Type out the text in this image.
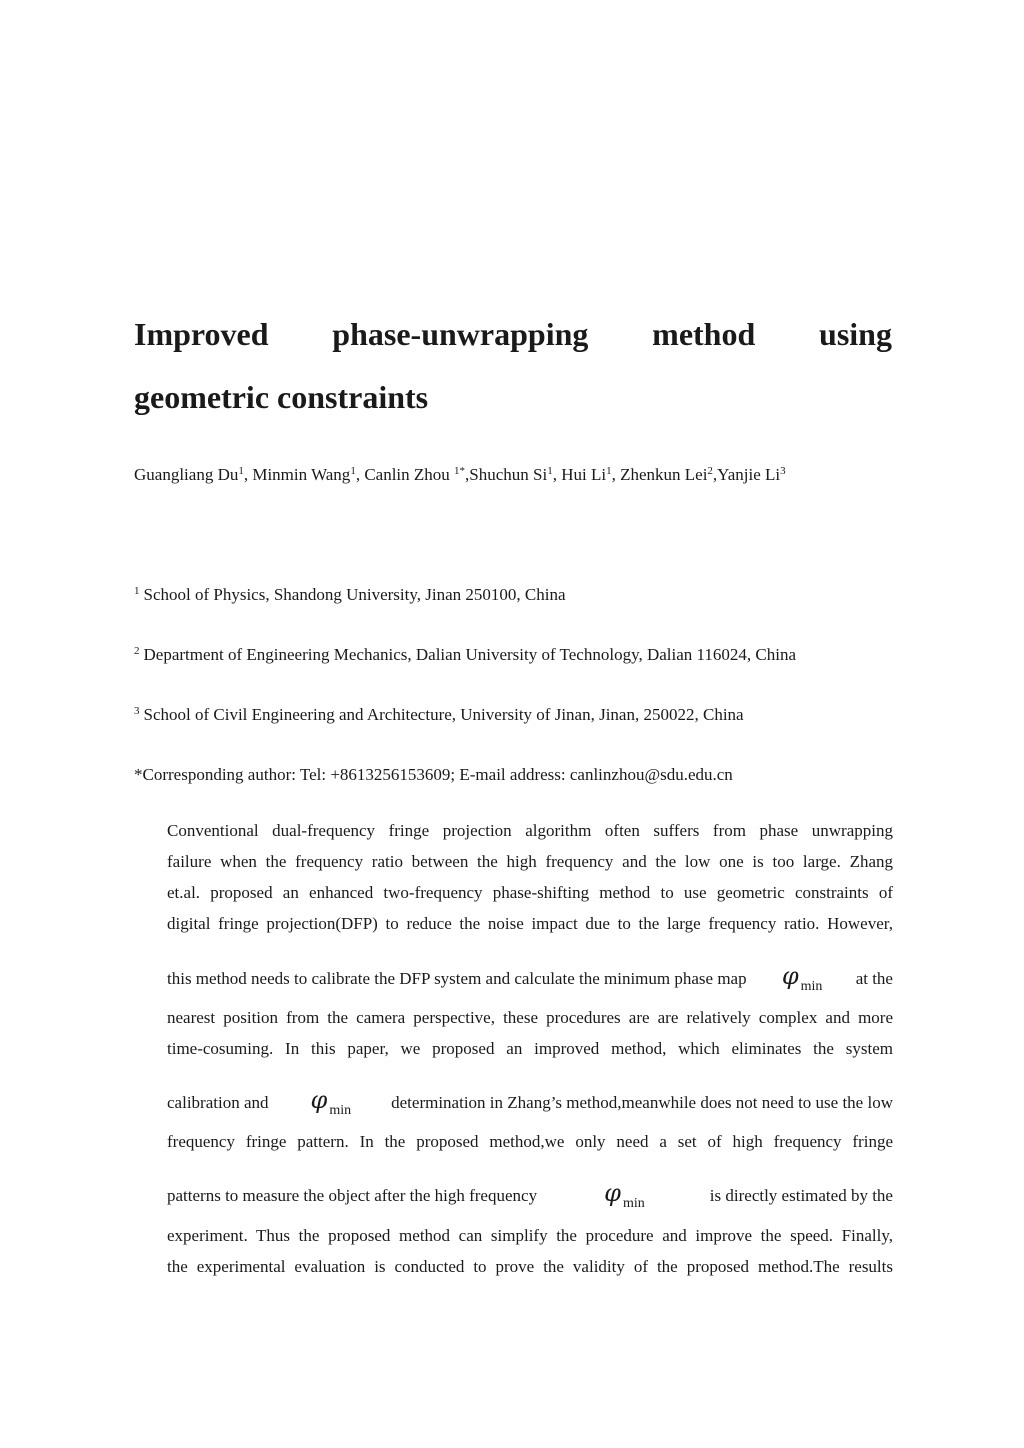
Improved phase-unwrapping method using
geometric constraints
Guangliang Du$^1$, Minmin Wang$^1$, Canlin Zhou $^{1*}$,Shuchun Si$^1$, Hui Li$^1$, Zhenkun Lei$^2$,Yanjie Li$^3$
$^1$ School of Physics, Shandong University, Jinan 250100, China
$^2$ Department of Engineering Mechanics, Dalian University of Technology, Dalian 116024, China
$^3$ School of Civil Engineering and Architecture, University of Jinan, Jinan, 250022, China
*Corresponding author: Tel: +8613256153609; E-mail address: canlinzhou@sdu.edu.cn
Conventional dual-frequency fringe projection algorithm often suffers from phase unwrapping
failure when the frequency ratio between the high frequency and the low one is too large. Zhang
et.al. proposed an enhanced two-frequency phase-shifting method to use geometric constraints of
digital fringe projection(DFP) to reduce the noise impact due to the large frequency ratio. However,
this method needs to calibrate the DFP system and calculate the minimum phase map φ $_{min}$ at the
nearest position from the camera perspective, these procedures are are relatively complex and more
time-cosuming. In this paper, we proposed an improved method, which eliminates the system
calibration and φ $_{min}$ determination in Zhang’s method,meanwhile does not need to use the low
frequency fringe pattern. In the proposed method,we only need a set of high frequency fringe
patterns to measure the object after the high frequency	φ $_{min}$	is directly estimated by the
experiment. Thus the proposed method can simplify the procedure and improve the speed. Finally,
the experimental evaluation is conducted to prove the validity of the proposed method.The results
